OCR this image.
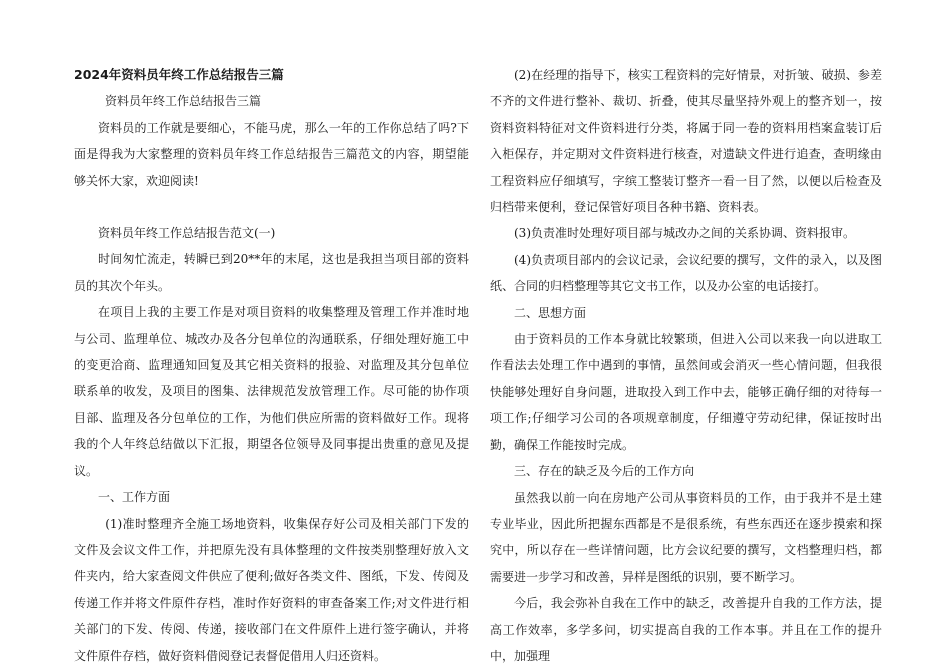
2024年资料员年终工作总结报告三篇

资料员年终工作总结报告三篇

资料员的工作就是要细心，不能马虎，那么一年的工作你总结了吗?下面是得我为大家整理的资料员年终工作总结报告三篇范文的内容，期望能够关怀大家，欢迎阅读!

资料员年终工作总结报告范文(一)

时间匆忙流走，转瞬已到20**年的末尾，这也是我担当项目部的资料员的其次个年头。

在项目上我的主要工作是对项目资料的收集整理及管理工作并准时地与公司、监理单位、城改办及各分包单位的沟通联系，仔细处理好施工中的变更洽商、监理通知回复及其它相关资料的报验、对监理及其分包单位联系单的收发，及项目的图集、法律规范发放管理工作。尽可能的协作项目部、监理及各分包单位的工作，为他们供应所需的资料做好工作。现将我的个人年终总结做以下汇报，期望各位领导及同事提出贵重的意见及提议。

一、工作方面

(1)准时整理齐全施工场地资料，收集保存好公司及相关部门下发的文件及会议文件工作，并把原先没有具体整理的文件按类别整理好放入文件夹内，给大家查阅文件供应了便利;做好各类文件、图纸，下发、传阅及传递工作并将文件原件存档，准时作好资料的审查备案工作;对文件进行相关部门的下发、传阅、传递，接收部门在文件原件上进行签字确认，并将文件原件存档，做好资料借阅登记表督促借用人归还资料。

(2)在经理的指导下，核实工程资料的完好情景，对折皱、破损、参差不齐的文件进行整补、裁切、折叠，使其尽量坚持外观上的整齐划一，按资料资料特征对文件资料进行分类，将属于同一卷的资料用档案盒装订后入柜保存，并定期对文件资料进行核查，对遗缺文件进行追查，查明缘由工程资料应仔细填写，字缤工整装订整齐一看一目了然，以便以后检查及归档带来便利，登记保管好项目各种书籍、资料表。

(3)负责准时处理好项目部与城改办之间的关系协调、资料报审。

(4)负责项目部内的会议记录，会议纪要的撰写，文件的录入，以及图纸、合同的归档整理等其它文书工作，以及办公室的电话接打。

二、思想方面

由于资料员的工作本身就比较繁琐，但进入公司以来我一向以进取工作看法去处理工作中遇到的事情，虽然间或会消灭一些心情问题，但我很快能够处理好自身问题，进取投入到工作中去，能够正确仔细的对待每一项工作;仔细学习公司的各项规章制度，仔细遵守劳动纪律，保证按时出勤，确保工作能按时完成。

三、存在的缺乏及今后的工作方向

虽然我以前一向在房地产公司从事资料员的工作，由于我并不是土建专业毕业，因此所把握东西都是不是很系统，有些东西还在逐步摸索和探究中，所以存在一些详情问题，比方会议纪要的撰写，文档整理归档，都需要进一步学习和改善，异样是图纸的识别，要不断学习。

今后，我会弥补自我在工作中的缺乏，改善提升自我的工作方法，提高工作效率，多学多问，切实提高自我的工作本事。并且在工作的提升中，加强理
